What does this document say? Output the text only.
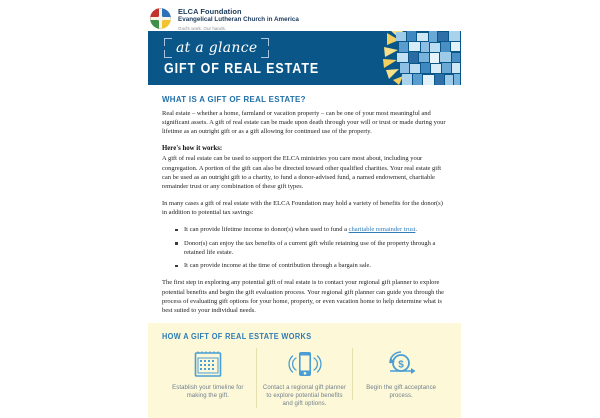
ELCA Foundation
Evangelical Lutheran Church in America
God's work. Our hands.
at a glance
GIFT OF REAL ESTATE
WHAT IS A GIFT OF REAL ESTATE?

Real estate – whether a home, farmland or vacation property – can be one of your most meaningful and significant assets. A gift of real estate can be made upon death through your will or trust or made during your lifetime as an outright gift or as a gift allowing for continued use of the property.

Here's how it works:

A gift of real estate can be used to support the ELCA ministries you care most about, including your congregation. A portion of the gift can also be directed toward other qualified charities. Your real estate gift can be used as an outright gift to a charity, to fund a donor-advised fund, a named endowment, charitable remainder trust or any combination of these gift types.

In many cases a gift of real estate with the ELCA Foundation may hold a variety of benefits for the donor(s) in addition to potential tax savings:

It can provide lifetime income to donor(s) when used to fund a charitable remainder trust.
Donor(s) can enjoy the tax benefits of a current gift while retaining use of the property through a retained life estate.
It can provide income at the time of contribution through a bargain sale.

The first step in exploring any potential gift of real estate is to contact your regional gift planner to explore potential benefits and begin the gift evaluation process. Your regional gift planner can guide you through the process of evaluating gift options for your home, property, or even vacation home to help determine what is best suited to your individual needs.

HOW A GIFT OF REAL ESTATE WORKS
Establish your timeline for making the gift.
Contact a regional gift planner to explore potential benefits and gift options.
$
Begin the gift acceptance process.
